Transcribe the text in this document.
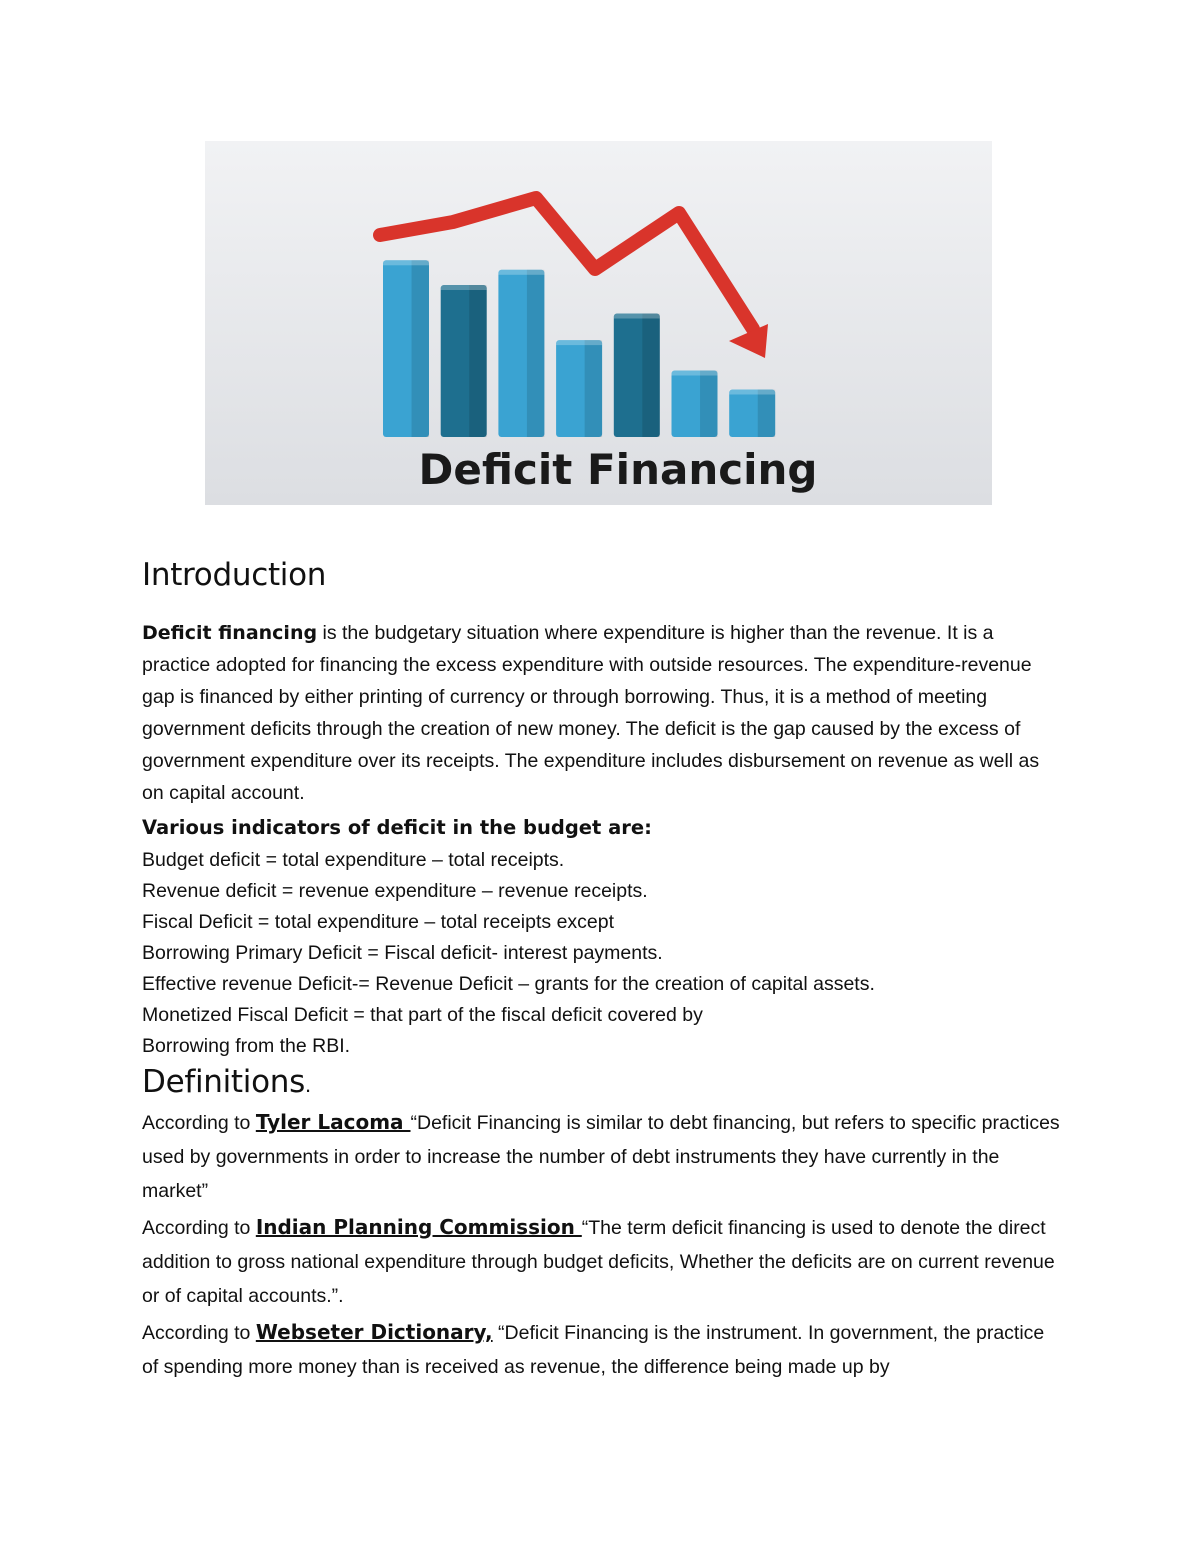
Deficit Financing
Introduction

Deficit financing is the budgetary situation where expenditure is higher than the revenue. It is a practice adopted for financing the excess expenditure with outside resources. The expenditure-revenue gap is financed by either printing of currency or through borrowing. Thus, it is a method of meeting government deficits through the creation of new money. The deficit is the gap caused by the excess of government expenditure over its receipts. The expenditure includes disbursement on revenue as well as on capital account.

Various indicators of deficit in the budget are:

Budget deficit = total expenditure – total receipts.

Revenue deficit = revenue expenditure – revenue receipts.

Fiscal Deficit = total expenditure – total receipts except

Borrowing Primary Deficit = Fiscal deficit- interest payments.

Effective revenue Deficit-= Revenue Deficit – grants for the creation of capital assets.

Monetized Fiscal Deficit = that part of the fiscal deficit covered by

Borrowing from the RBI.

Definitions.

According to Tyler Lacoma “Deficit Financing is similar to debt financing, but refers to specific practices used by governments in order to increase the number of debt instruments they have currently in the market”

According to Indian Planning Commission “The term deficit financing is used to denote the direct addition to gross national expenditure through budget deficits, Whether the deficits are on current revenue or of capital accounts.”.

According to Webseter Dictionary, “Deficit Financing is the instrument. In government, the practice of spending more money than is received as revenue, the difference being made up by
